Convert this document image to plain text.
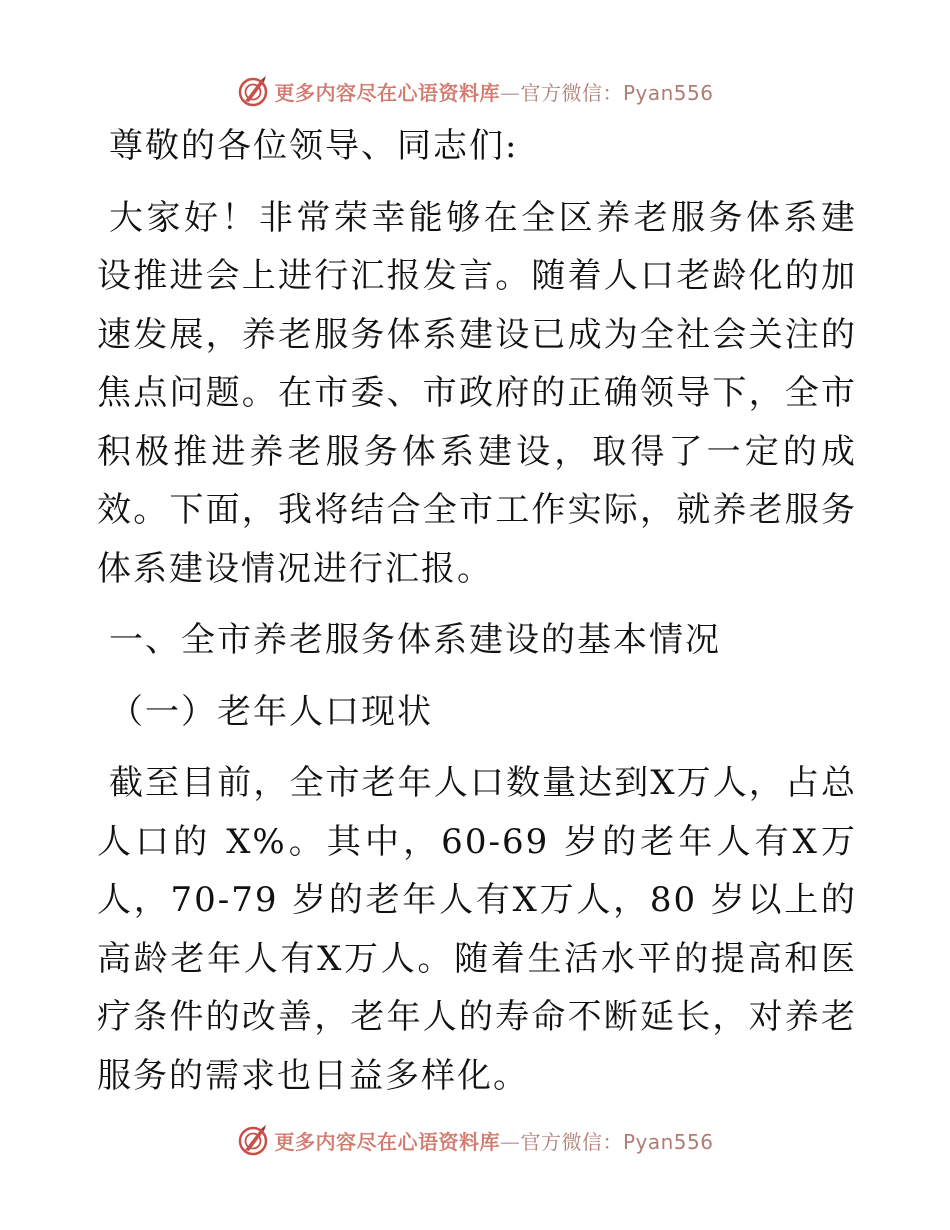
更多内容尽在心语资料库—官方微信：Pyan556

尊敬的各位领导、同志们:

大家好！非常荣幸能够在全区养老服务体系建设推进会上进行汇报发言。随着人口老龄化的加速发展，养老服务体系建设已成为全社会关注的焦点问题。在市委、市政府的正确领导下，全市积极推进养老服务体系建设，取得了一定的成效。下面，我将结合全市工作实际，就养老服务体系建设情况进行汇报。

一、全市养老服务体系建设的基本情况

（一）老年人口现状

截至目前，全市老年人口数量达到X万人，占总人口的 X%。其中，60-69 岁的老年人有X万人，70-79 岁的老年人有X万人，80 岁以上的高龄老年人有X万人。随着生活水平的提高和医疗条件的改善，老年人的寿命不断延长，对养老服务的需求也日益多样化。

更多内容尽在心语资料库—官方微信：Pyan556
